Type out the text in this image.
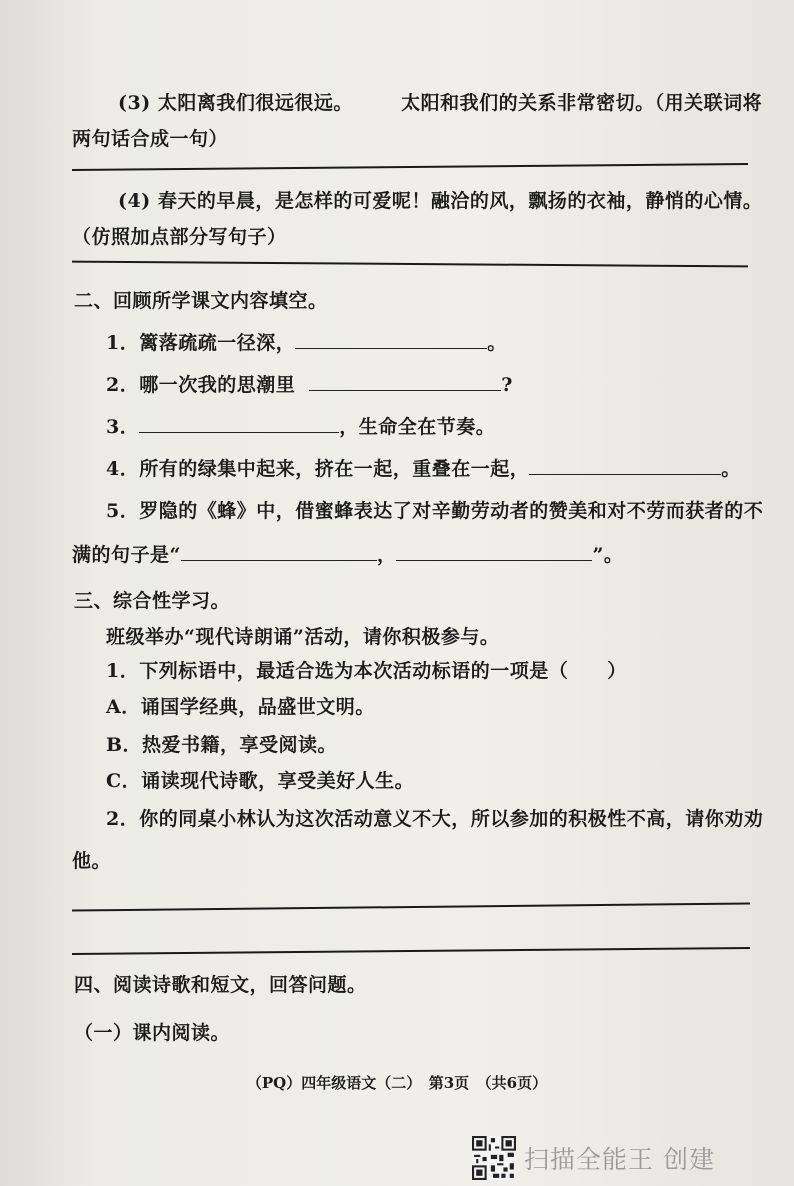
(3) 太阳离我们很远很远。	太阳和我们的关系非常密切。（用关联词将
两句话合成一句）
(4) 春天的早晨，是怎样的可爱呢！融洽的风，飘扬的衣袖，静悄的心情。
（仿照加点部分写句子）
二、回顾所学课文内容填空。
1．篱落疏疏一径深，	。
2．哪一次我的思潮里	?
3．	，生命全在节奏。
4．所有的绿集中起来，挤在一起，重叠在一起，	。
5．罗隐的《蜂》中，借蜜蜂表达了对辛勤劳动者的赞美和对不劳而获者的不
满的句子是“	，	”。
三、综合性学习。
班级举办“现代诗朗诵”活动，请你积极参与。
1．下列标语中，最适合选为本次活动标语的一项是（　　）
A．诵国学经典，品盛世文明。
B．热爱书籍，享受阅读。
C．诵读现代诗歌，享受美好人生。
2．你的同桌小林认为这次活动意义不大，所以参加的积极性不高，请你劝劝
他。
四、阅读诗歌和短文，回答问题。
（一）课内阅读。
（PQ）四年级语文（二）　第3页　（共6页）
扫描全能王 创建
